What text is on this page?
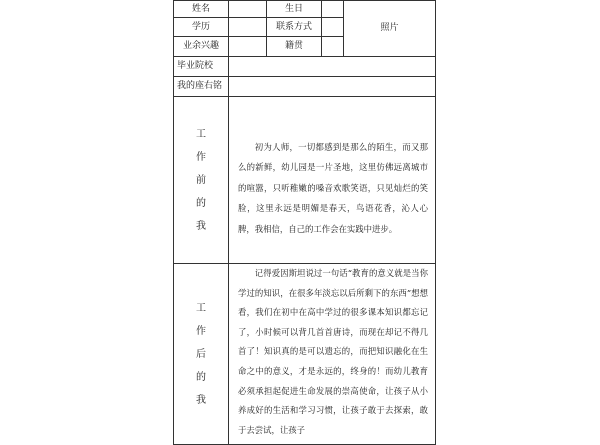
姓名		生日		照片
学历		联系方式		
业余兴趣		籍贯		
毕业院校				
我的座右铭				
工作前的我	初为人师，一切都感到是那么的陌生，而又那么的新鲜，幼儿园是一片圣地，这里仿佛远离城市的喧嚣，只听稚嫩的嗓音欢歌笑语，只见灿烂的笑脸，这里永远是明媚是春天，鸟语花香，沁人心脾，我相信，自己的工作会在实践中进步。			

工作后的我	记得爱因斯坦说过一句话“教育的意义就是当你学过的知识，在很多年淡忘以后所剩下的东西”想想看，我们在初中在高中学过的很多课本知识都忘记了，小时候可以背几首首唐诗，而现在却记不得几首了！知识真的是可以遗忘的，而把知识融化在生命之中的意义，才是永远的，终身的！而幼儿教育必须承担起促进生命发展的崇高使命，让孩子从小养成好的生活和学习习惯，让孩子敢于去探索，敢于去尝试，让孩子			
